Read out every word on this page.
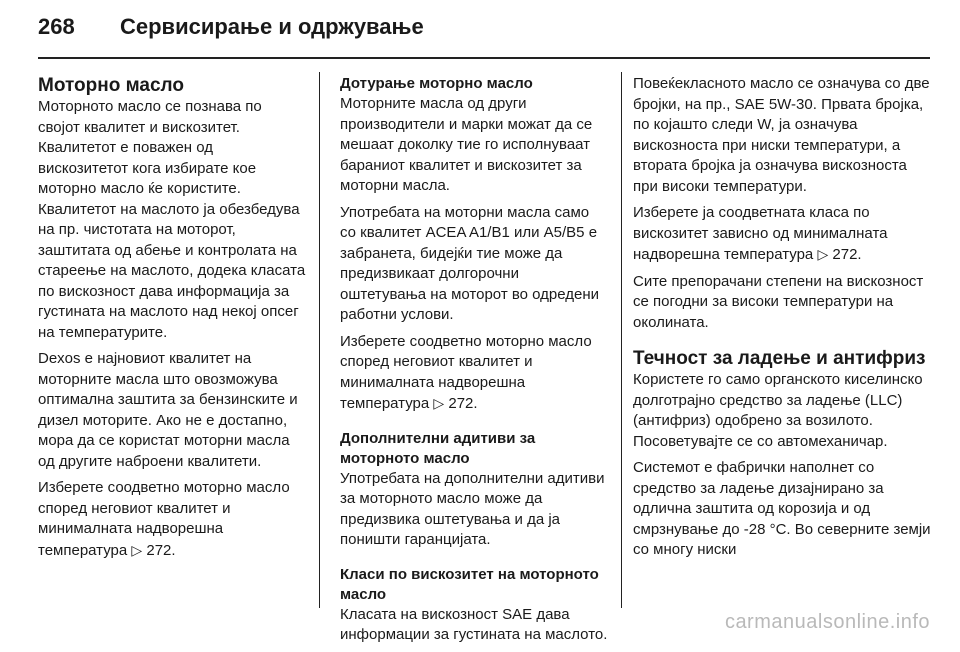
268 Сервисирање и одржување
Моторно масло

Моторното масло се познава по својот квалитет и вискозитет. Квалитетот е поважен од вискозитетот кога избирате кое моторно масло ќе користите. Квалитетот на маслото ја обезбедува на пр. чистотата на моторот, заштитата од абење и контролата на стареење на маслото, додека класата по вискозност дава информација за густината на маслото над некој опсег на температурите.

Dexos е најновиот квалитет на моторните масла што овозможува оптимална заштита за бензинските и дизел моторите. Ако не е достапно, мора да се користат моторни масла од другите наброени квалитети.

Изберете соодветно моторно масло според неговиот квалитет и минималната надворешна температура ▷ 272.

Дотурање моторно масло

Моторните масла од други производители и марки можат да се мешаат доколку тие го исполнуваат бараниот квалитет и вискозитет за моторни масла.

Употребата на моторни масла само со квалитет ACEA A1/B1 или A5/B5 е забранета, бидејќи тие може да предизвикаат долгорочни оштетувања на моторот во одредени работни услови.

Изберете соодветно моторно масло според неговиот квалитет и минималната надворешна температура ▷ 272.

Дополнителни адитиви за моторното масло

Употребата на дополнителни адитиви за моторното масло може да предизвика оштетувања и да ја поништи гаранцијата.

Класи по вискозитет на моторното масло

Класата на вискозност SAE дава информации за густината на маслото.

Повеќекласното масло се означува со две бројки, на пр., SAE 5W-30. Првата бројка, по којашто следи W, ја означува вискозноста при ниски температури, а втората бројка ја означува вискозноста при високи температури.

Изберете ја соодветната класа по вискозитет зависно од минималната надворешна температура ▷ 272.

Сите препорачани степени на вискозност се погодни за високи температури на околината.

Течност за ладење и антифриз

Користете го само органското киселинско долготрајно средство за ладење (LLC) (антифриз) одобрено за возилото. Посоветувајте се со автомеханичар.

Системот е фабрички наполнет со средство за ладење дизајнирано за одлична заштита од корозија и од смрзнување до -28 °C. Во северните земји со многу ниски

carmanualsonline.info
